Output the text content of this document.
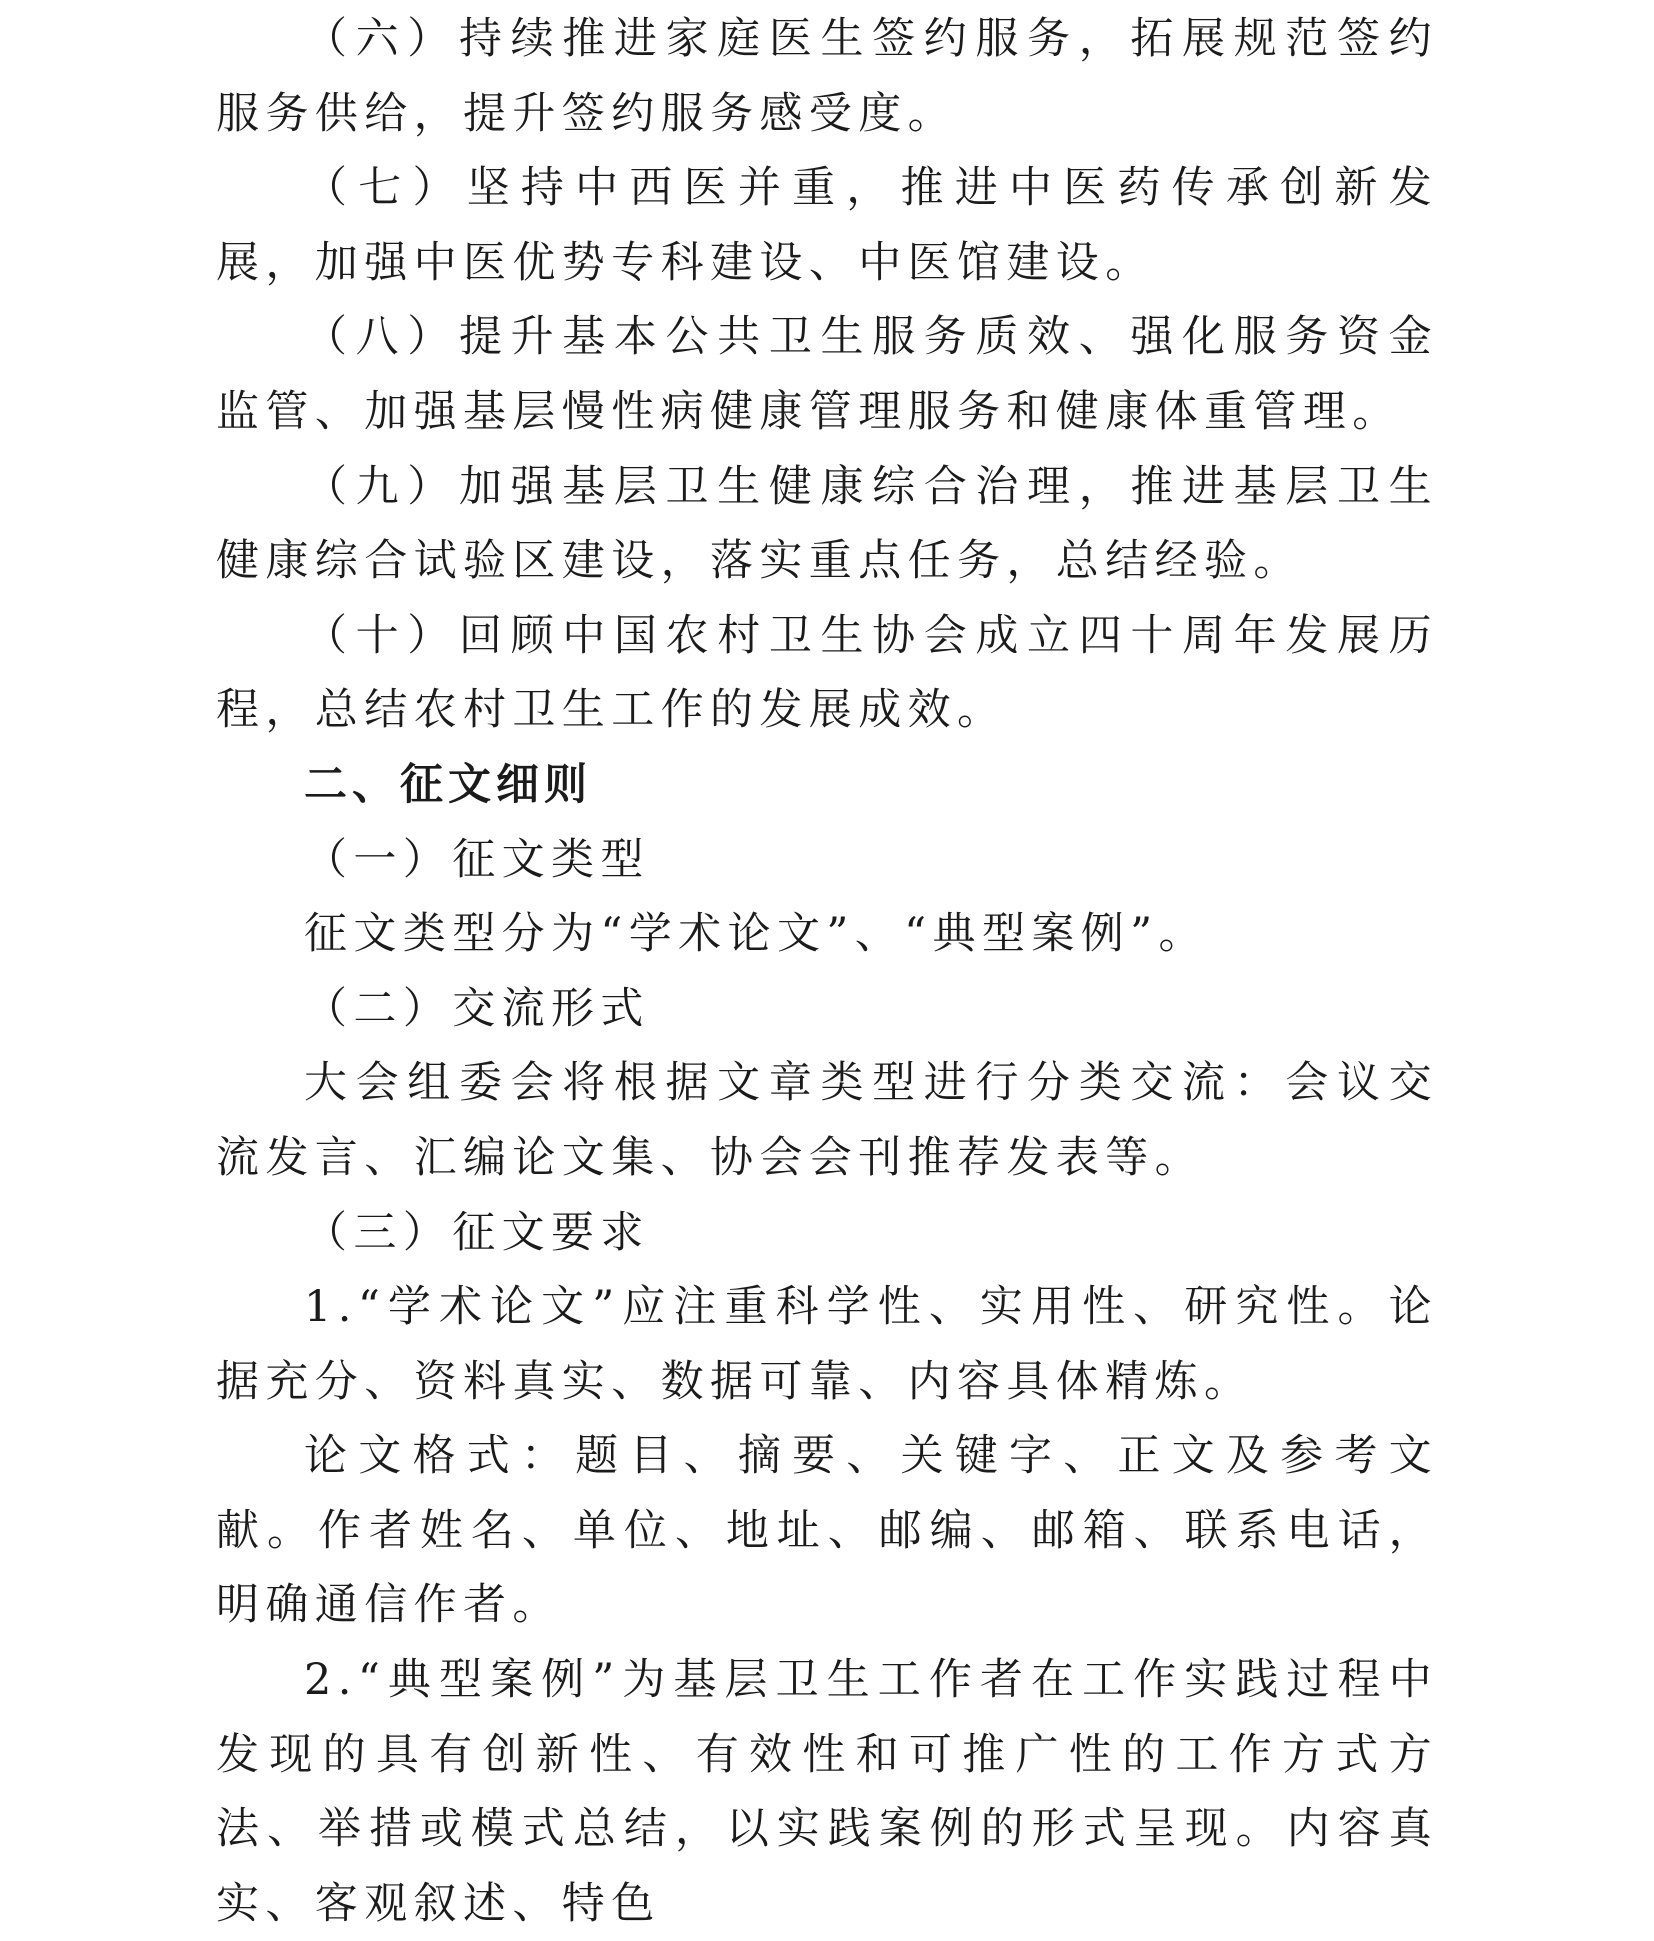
（六）持续推进家庭医生签约服务，拓展规范签约服务供给，提升签约服务感受度。

（七）坚持中西医并重，推进中医药传承创新发展，加强中医优势专科建设、中医馆建设。

（八）提升基本公共卫生服务质效、强化服务资金监管、加强基层慢性病健康管理服务和健康体重管理。

（九）加强基层卫生健康综合治理，推进基层卫生健康综合试验区建设，落实重点任务，总结经验。

（十）回顾中国农村卫生协会成立四十周年发展历程，总结农村卫生工作的发展成效。

二、征文细则

（一）征文类型

征文类型分为“学术论文”、“典型案例”。

（二）交流形式

大会组委会将根据文章类型进行分类交流：会议交流发言、汇编论文集、协会会刊推荐发表等。

（三）征文要求

1.“学术论文”应注重科学性、实用性、研究性。论据充分、资料真实、数据可靠、内容具体精炼。

论文格式：题目、摘要、关键字、正文及参考文献。作者姓名、单位、地址、邮编、邮箱、联系电话，明确通信作者。

2.“典型案例”为基层卫生工作者在工作实践过程中发现的具有创新性、有效性和可推广性的工作方式方法、举措或模式总结，以实践案例的形式呈现。内容真实、客观叙述、特色
